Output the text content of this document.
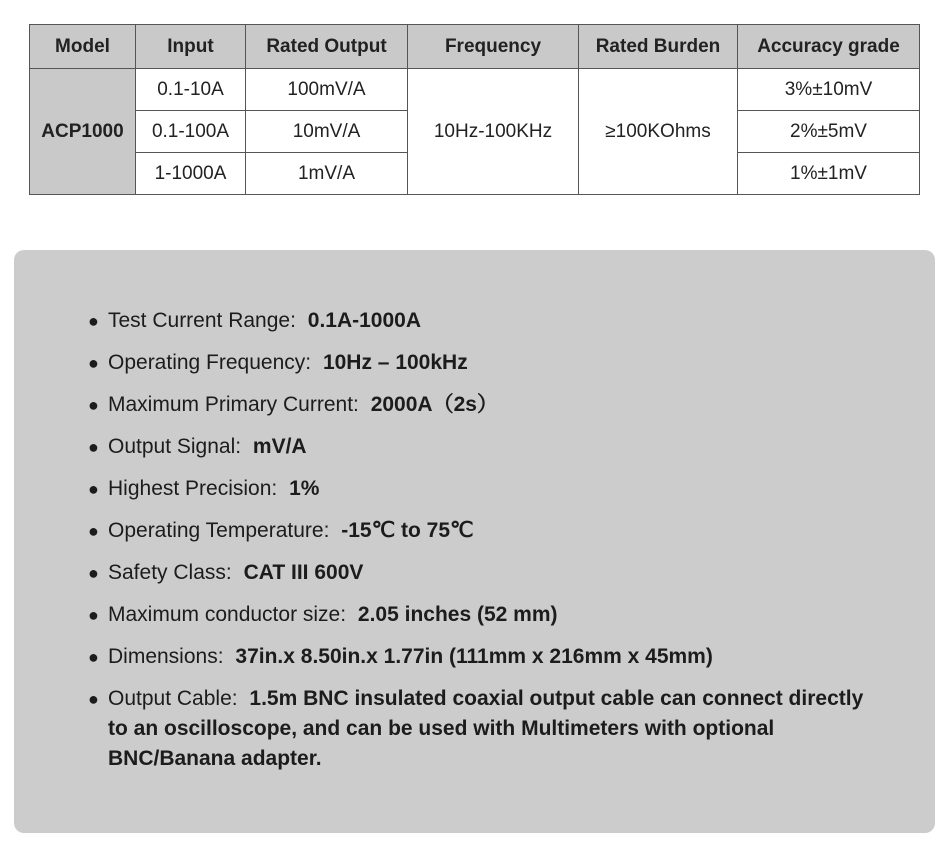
Model	Input	Rated Output	Frequency	Rated Burden	Accuracy grade
ACP1000	0.1-10A	100mV/A	10Hz-100KHz	≥100KOhms	3%±10mV
	0.1-100A	10mV/A			2%±5mV
	1-1000A	1mV/A			1%±1mV
● Test Current Range: 0.1A-1000A
● Operating Frequency: 10Hz – 100kHz
● Maximum Primary Current: 2000A（2s）
● Output Signal: mV/A
● Highest Precision: 1%
● Operating Temperature: -15℃ to 75℃
● Safety Class: CAT III 600V
● Maximum conductor size: 2.05 inches (52 mm)
● Dimensions: 37in.x 8.50in.x 1.77in (111mm x 216mm x 45mm)
● Output Cable: 1.5m BNC insulated coaxial output cable can connect directly to an oscilloscope, and can be used with Multimeters with optional BNC/Banana adapter.
